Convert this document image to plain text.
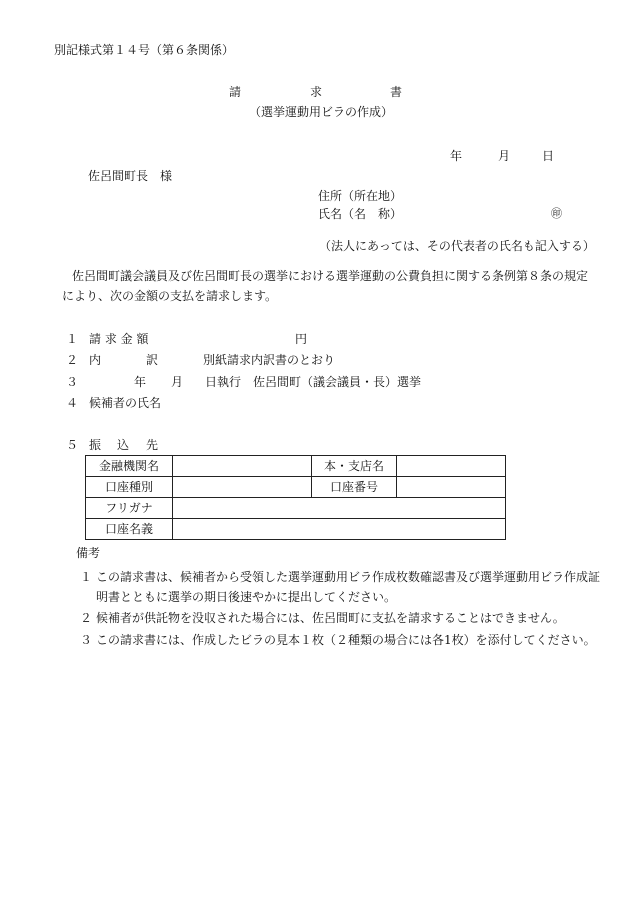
別記様式第１４号（第６条関係）
請	求	書
（選挙運動用ビラの作成）
年	月	日
佐呂間町長　様
住所（所在地）
氏名（名　称）	㊞
（法人にあっては、その代表者の氏名も記入する）
佐呂間町議会議員及び佐呂間町長の選挙における選挙運動の公費負担に関する条例第８条の規定
により、次の金額の支払を請求します。
１ 請 求 金 額	円
２ 内	訳	別紙請求内訳書のとおり
３	年 月 日執行　佐呂間町（議会議員・長）選挙
４ 候補者の氏名
５ 振 込 先
金融機関名		本・支店名	
口座種別		口座番号	
フリガナ			
口座名義			
備考
１ この請求書は、候補者から受領した選挙運動用ビラ作成枚数確認書及び選挙運動用ビラ作成証
明書とともに選挙の期日後速やかに提出してください。
２ 候補者が供託物を没収された場合には、佐呂間町に支払を請求することはできません。
３ この請求書には、作成したビラの見本１枚（２種類の場合には各1枚）を添付してください。
